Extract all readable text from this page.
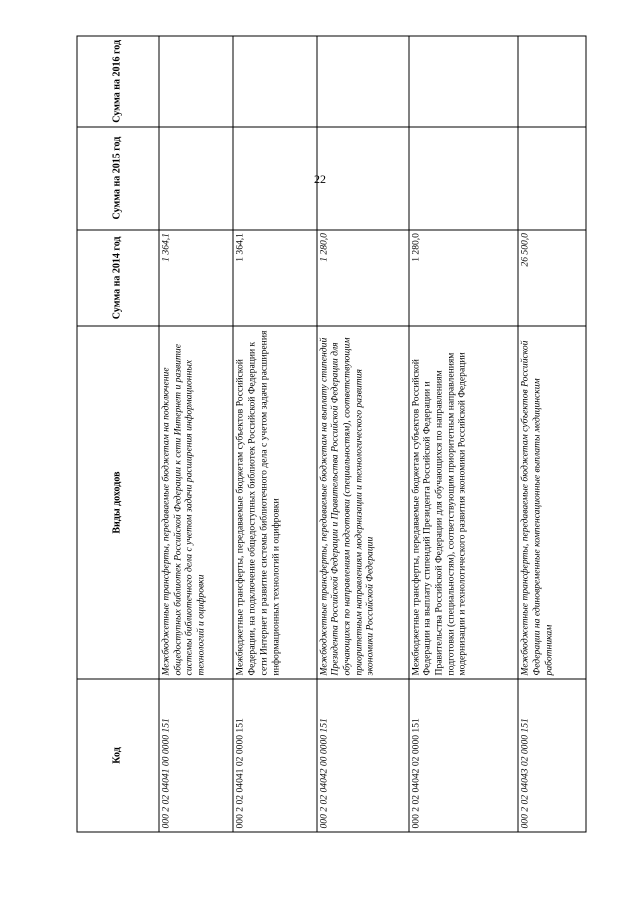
22
Код	Виды доходов	Сумма на 2014 год	Сумма на 2015 год	Сумма на 2016 год
000 2 02 04041 00 0000 151	Межбюджетные трансферты, передаваемые бюджетам на подключение общедоступных библиотек Российской Федерации к сети Интернет и развитие системы библиотечного дела с учетом задачи расширения информационных технологий и оцифровки	1 364,1		
000 2 02 04041 02 0000 151	Межбюджетные трансферты, передаваемые бюджетам субъектов Российской Федерации, на подключение общедоступных библиотек Российской Федерации к сети Интернет и развитие системы библиотечного дела с учетом задачи расширения информационных технологий и оцифровки	1 364,1		
000 2 02 04042 00 0000 151	Межбюджетные трансферты, передаваемые бюджетам на выплату стипендий Президента Российской Федерации и Правительства Российской Федерации для обучающихся по направлениям подготовки (специальностям), соответствующим приоритетным направлениям модернизации и технологического развития экономики Российской Федерации	1 280,0		
000 2 02 04042 02 0000 151	Межбюджетные трансферты, передаваемые бюджетам субъектов Российской Федерации на выплату стипендий Президента Российской Федерации и Правительства Российской Федерации для обучающихся по направлениям подготовки (специальностям), соответствующим приоритетным направлениям модернизации и технологического развития экономики Российской Федерации	1 280,0		
000 2 02 04043 02 0000 151	Межбюджетные трансферты, передаваемые бюджетам субъектов Российской Федерации на единовременные компенсационные выплаты медицинским работникам	26 500,0		
